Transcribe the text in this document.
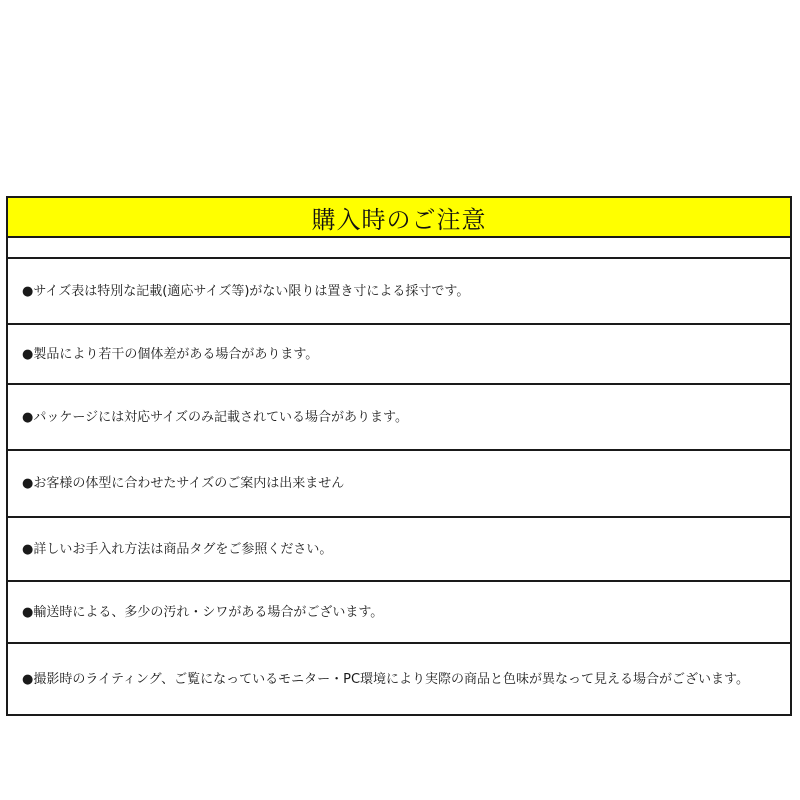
購入時のご注意
●サイズ表は特別な記載(適応サイズ等)がない限りは置き寸による採寸です。
●製品により若干の個体差がある場合があります。
●パッケージには対応サイズのみ記載されている場合があります。
●お客様の体型に合わせたサイズのご案内は出来ません
●詳しいお手入れ方法は商品タグをご参照ください。
●輸送時による、多少の汚れ・シワがある場合がございます。
●撮影時のライティング、ご覧になっているモニター・PC環境により実際の商品と色味が異なって見える場合がございます。
